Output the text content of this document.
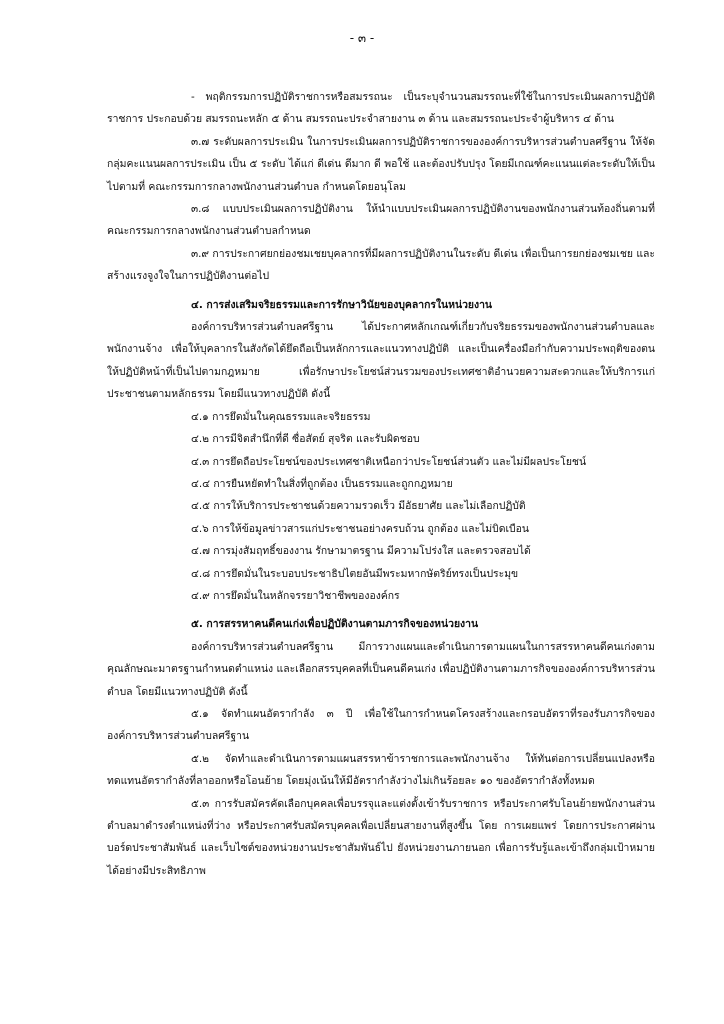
- ๓ -

- พฤติกรรมการปฏิบัติราชการหรือสมรรถนะ เป็นระบุจำนวนสมรรถนะที่ใช้ในการประเมินผลการปฏิบัติราชการ ประกอบด้วย สมรรถนะหลัก ๕ ด้าน สมรรถนะประจำสายงาน ๓ ด้าน และสมรรถนะประจำผู้บริหาร ๔ ด้าน

๓.๗ ระดับผลการประเมิน ในการประเมินผลการปฏิบัติราชการขององค์การบริหารส่วนตำบลศรีฐาน ให้จัดกลุ่มคะแนนผลการประเมิน เป็น ๕ ระดับ ได้แก่ ดีเด่น ดีมาก ดี พอใช้ และต้องปรับปรุง โดยมีเกณฑ์คะแนนแต่ละระดับให้เป็นไปตามที่ คณะกรรมการกลางพนักงานส่วนตำบล กำหนดโดยอนุโลม

๓.๘ แบบประเมินผลการปฏิบัติงาน ให้นำแบบประเมินผลการปฏิบัติงานของพนักงานส่วนท้องถิ่นตามที่คณะกรรมการกลางพนักงานส่วนตำบลกำหนด

๓.๙ การประกาศยกย่องชมเชยบุคลากรที่มีผลการปฏิบัติงานในระดับ ดีเด่น เพื่อเป็นการยกย่องชมเชย และสร้างแรงจูงใจในการปฏิบัติงานต่อไป

๔. การส่งเสริมจริยธรรมและการรักษาวินัยของบุคลากรในหน่วยงาน

องค์การบริหารส่วนตำบลศรีฐาน ได้ประกาศหลักเกณฑ์เกี่ยวกับจริยธรรมของพนักงานส่วนตำบลและพนักงานจ้าง เพื่อให้บุคลากรในสังกัดได้ยึดถือเป็นหลักการและแนวทางปฏิบัติ และเป็นเครื่องมือกำกับความประพฤติของตน ให้ปฏิบัติหน้าที่เป็นไปตามกฎหมาย เพื่อรักษาประโยชน์ส่วนรวมของประเทศชาติอำนวยความสะดวกและให้บริการแก่ประชาชนตามหลักธรรม โดยมีแนวทางปฏิบัติ ดังนี้

๔.๑ การยึดมั่นในคุณธรรมและจริยธรรม

๔.๒ การมีจิตสำนึกที่ดี ซื่อสัตย์ สุจริต และรับผิดชอบ

๔.๓ การยึดถือประโยชน์ของประเทศชาติเหนือกว่าประโยชน์ส่วนตัว และไม่มีผลประโยชน์

๔.๔ การยืนหยัดทำในสิ่งที่ถูกต้อง เป็นธรรมและถูกกฎหมาย

๔.๕ การให้บริการประชาชนด้วยความรวดเร็ว มีอัธยาศัย และไม่เลือกปฏิบัติ

๔.๖ การให้ข้อมูลข่าวสารแก่ประชาชนอย่างครบถ้วน ถูกต้อง และไม่บิดเบือน

๔.๗ การมุ่งสัมฤทธิ์ของงาน รักษามาตรฐาน มีความโปร่งใส และตรวจสอบได้

๔.๘ การยึดมั่นในระบอบประชาธิปไตยอันมีพระมหากษัตริย์ทรงเป็นประมุข

๔.๙ การยึดมั่นในหลักจรรยาวิชาชีพขององค์กร

๕. การสรรหาคนดีคนเก่งเพื่อปฏิบัติงานตามภารกิจของหน่วยงาน

องค์การบริหารส่วนตำบลศรีฐาน มีการวางแผนและดำเนินการตามแผนในการสรรหาคนดีคนเก่งตามคุณลักษณะมาตรฐานกำหนดตำแหน่ง และเลือกสรรบุคคลที่เป็นคนดีคนเก่ง เพื่อปฏิบัติงานตามภารกิจขององค์การบริหารส่วนตำบล โดยมีแนวทางปฏิบัติ ดังนี้

๕.๑ จัดทำแผนอัตรากำลัง ๓ ปี เพื่อใช้ในการกำหนดโครงสร้างและกรอบอัตราที่รองรับภารกิจขององค์การบริหารส่วนตำบลศรีฐาน

๕.๒ จัดทำและดำเนินการตามแผนสรรหาข้าราชการและพนักงานจ้าง ให้ทันต่อการเปลี่ยนแปลงหรือทดแทนอัตรากำลังที่ลาออกหรือโอนย้าย โดยมุ่งเน้นให้มีอัตรากำลังว่างไม่เกินร้อยละ ๑๐ ของอัตรากำลังทั้งหมด

๕.๓ การรับสมัครคัดเลือกบุคคลเพื่อบรรจุและแต่งตั้งเข้ารับราชการ หรือประกาศรับโอนย้ายพนักงานส่วนตำบลมาดำรงตำแหน่งที่ว่าง หรือประกาศรับสมัครบุคคลเพื่อเปลี่ยนสายงานที่สูงขึ้น โดย การเผยแพร่ โดยการประกาศผ่านบอร์ดประชาสัมพันธ์ และเว็บไซต์ของหน่วยงานประชาสัมพันธ์ไป ยังหน่วยงานภายนอก เพื่อการรับรู้และเข้าถึงกลุ่มเป้าหมายได้อย่างมีประสิทธิภาพ
